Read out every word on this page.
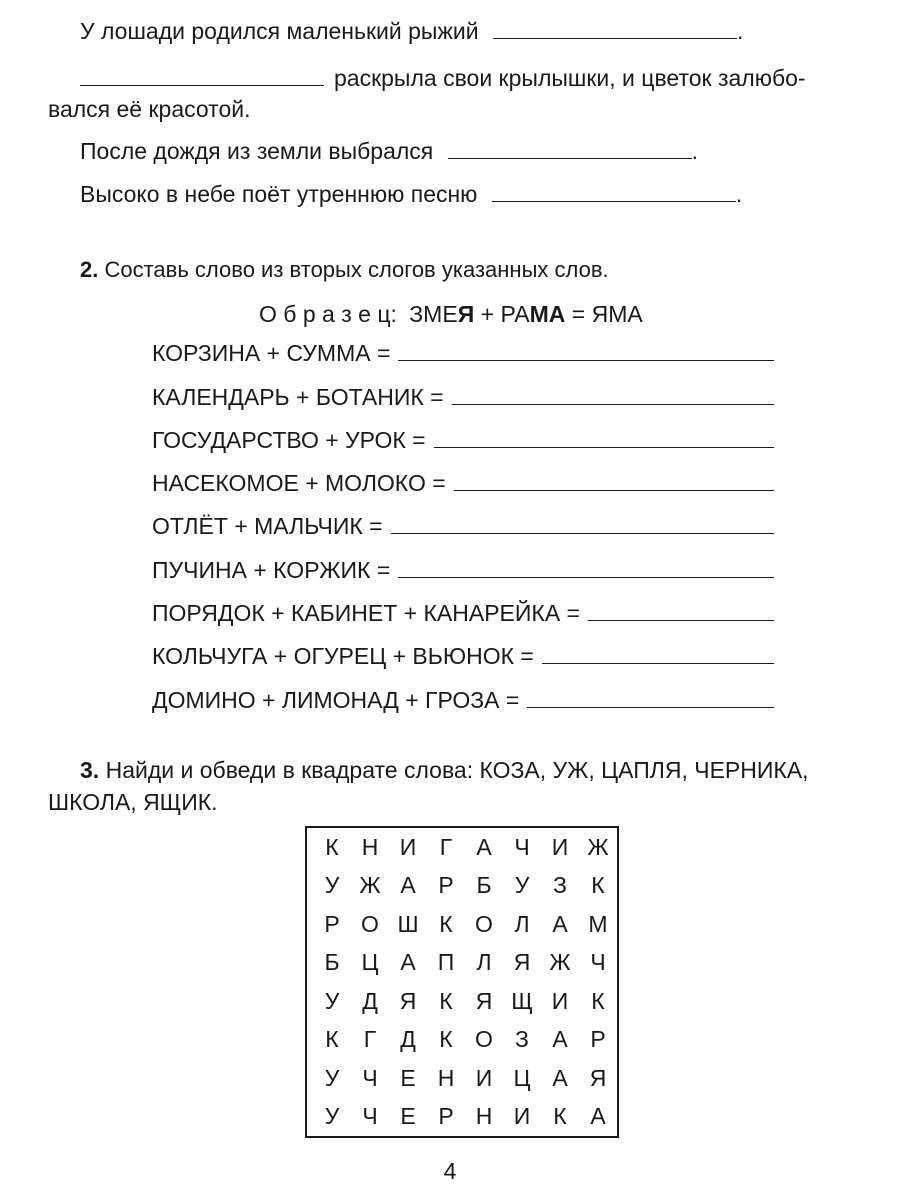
У лошади родился маленький рыжий	.
раскрыла свои крылышки, и цветок залюбо-
вался её красотой.
После дождя из земли выбрался	.
Высоко в небе поёт утреннюю песню	.
2. Составь слово из вторых слогов указанных слов.
О б р а з е ц: ЗМЕЯ + РАМА = ЯМА
КОРЗИНА + СУММА =
КАЛЕНДАРЬ + БОТАНИК =
ГОСУДАРСТВО + УРОК =
НАСЕКОМОЕ + МОЛОКО =
ОТЛЁТ + МАЛЬЧИК =
ПУЧИНА + КОРЖИК =
ПОРЯДОК + КАБИНЕТ + КАНАРЕЙКА =
КОЛЬЧУГА + ОГУРЕЦ + ВЬЮНОК =
ДОМИНО + ЛИМОНАД + ГРОЗА =
3. Найди и обведи в квадрате слова: КОЗА, УЖ, ЦАПЛЯ, ЧЕРНИКА,
ШКОЛА, ЯЩИК.
К Н И	Г	А Ч И Ж
У Ж А Р Б	У	З	К
Р О Ш К О Л А М
Б Ц А П Л Я Ж Ч
У Д Я К Я Щ И	К
К	Г	Д	К О З	А Р
У	Ч Е Н И Ц А Я
У	Ч Е Р Н И	К	А
4
